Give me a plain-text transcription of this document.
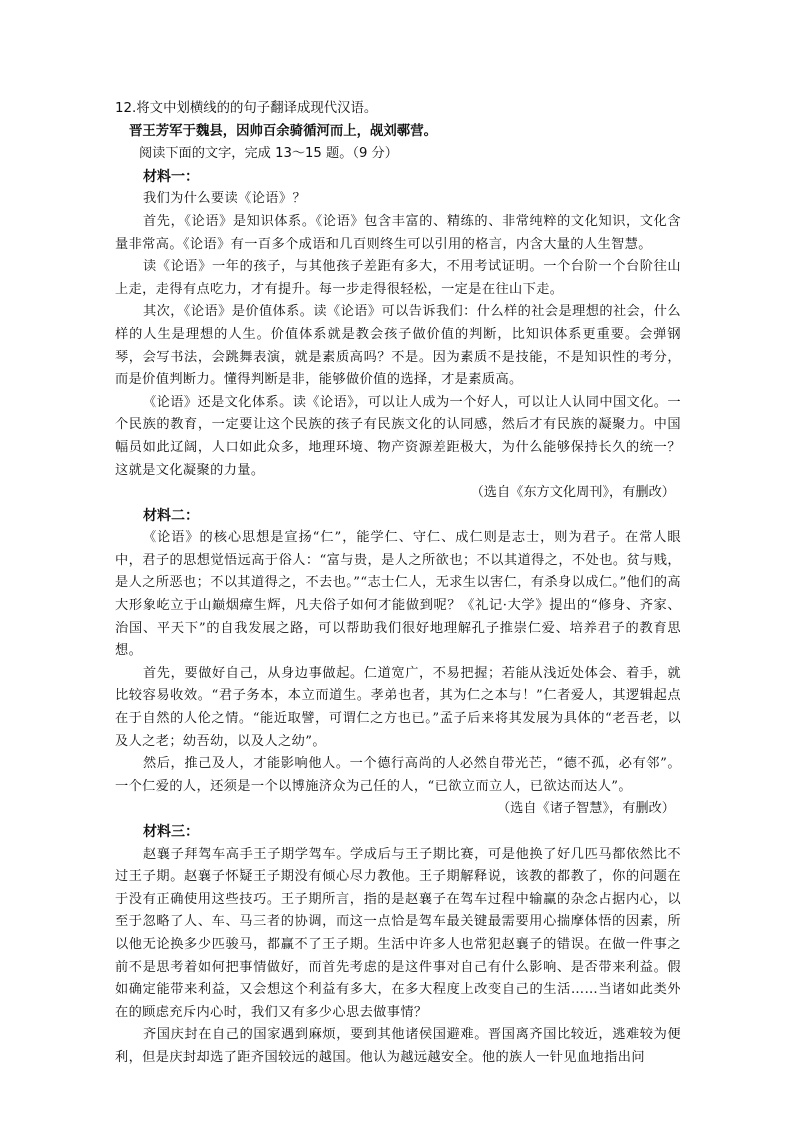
12.将文中划横线的的句子翻译成现代汉语。

晋王芳军于魏县，因帅百余骑循河而上，觇刘鄩营。

阅读下面的文字，完成 13～15 题。（9 分）

材料一：

我们为什么要读《论语》？

首先，《论语》是知识体系。《论语》包含丰富的、精练的、非常纯粹的文化知识，文化含量非常高。《论语》有一百多个成语和几百则终生可以引用的格言，内含大量的人生智慧。

读《论语》一年的孩子，与其他孩子差距有多大，不用考试证明。一个台阶一个台阶往山上走，走得有点吃力，才有提升。每一步走得很轻松，一定是在往山下走。

其次，《论语》是价值体系。读《论语》可以告诉我们：什么样的社会是理想的社会，什么样的人生是理想的人生。价值体系就是教会孩子做价值的判断，比知识体系更重要。会弹钢琴，会写书法，会跳舞表演，就是素质高吗？不是。因为素质不是技能，不是知识性的考分，而是价值判断力。懂得判断是非，能够做价值的选择，才是素质高。

《论语》还是文化体系。读《论语》，可以让人成为一个好人，可以让人认同中国文化。一个民族的教育，一定要让这个民族的孩子有民族文化的认同感，然后才有民族的凝聚力。中国幅员如此辽阔，人口如此众多，地理环境、物产资源差距极大，为什么能够保持长久的统一？这就是文化凝聚的力量。

（选自《东方文化周刊》，有删改）

材料二：

《论语》的核心思想是宣扬“仁”，能学仁、守仁、成仁则是志士，则为君子。在常人眼中，君子的思想觉悟远高于俗人：“富与贵，是人之所欲也；不以其道得之，不处也。贫与贱，是人之所恶也；不以其道得之，不去也。”“志士仁人，无求生以害仁，有杀身以成仁。”他们的高大形象屹立于山巅烟瘴生辉，凡夫俗子如何才能做到呢？《礼记·大学》提出的“修身、齐家、治国、平天下”的自我发展之路，可以帮助我们很好地理解孔子推崇仁爱、培养君子的教育思想。

首先，要做好自己，从身边事做起。仁道宽广，不易把握；若能从浅近处体会、着手，就比较容易收效。“君子务本，本立而道生。孝弟也者，其为仁之本与！”仁者爱人，其逻辑起点在于自然的人伦之情。“能近取譬，可谓仁之方也已。”孟子后来将其发展为具体的“老吾老，以及人之老；幼吾幼，以及人之幼”。

然后，推己及人，才能影响他人。一个德行高尚的人必然自带光芒，“德不孤，必有邻”。一个仁爱的人，还须是一个以博施济众为己任的人，“已欲立而立人，已欲达而达人”。

（选自《诸子智慧》，有删改）

材料三：

赵襄子拜驾车高手王子期学驾车。学成后与王子期比赛，可是他换了好几匹马都依然比不过王子期。赵襄子怀疑王子期没有倾心尽力教他。王子期解释说，该教的都教了，你的问题在于没有正确使用这些技巧。王子期所言，指的是赵襄子在驾车过程中输赢的杂念占据内心，以至于忽略了人、车、马三者的协调，而这一点恰是驾车最关键最需要用心揣摩体悟的因素，所以他无论换多少匹骏马，都赢不了王子期。生活中许多人也常犯赵襄子的错误。在做一件事之前不是思考着如何把事情做好，而首先考虑的是这件事对自己有什么影响、是否带来利益。假如确定能带来利益，又会想这个利益有多大，在多大程度上改变自己的生活……当诸如此类外在的顾虑充斥内心时，我们又有多少心思去做事情？

齐国庆封在自己的国家遇到麻烦，要到其他诸侯国避难。晋国离齐国比较近，逃难较为便利，但是庆封却选了距齐国较远的越国。他认为越远越安全。他的族人一针见血地指出问
